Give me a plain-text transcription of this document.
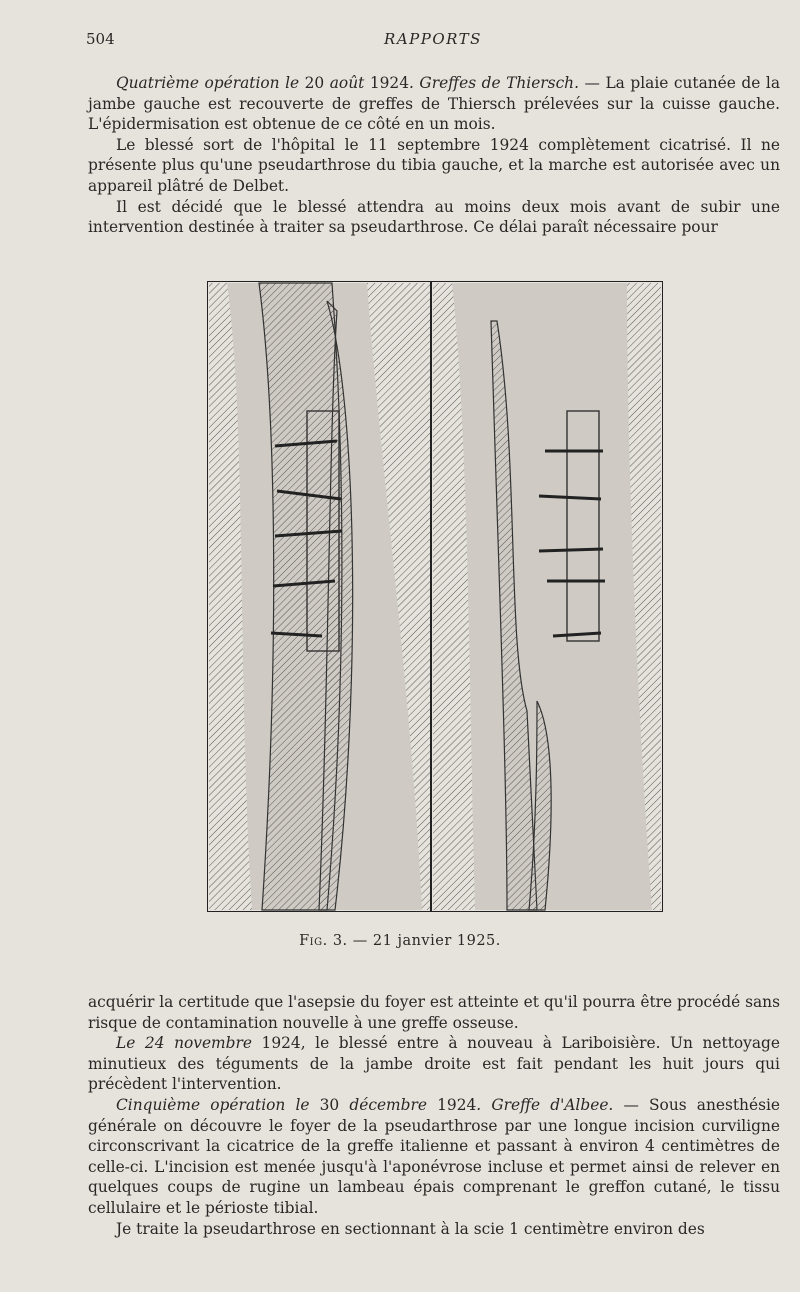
504	RAPPORTS

Quatrième opération le 20 août 1924. Greffes de Thiersch. — La plaie cutanée de la jambe gauche est recouverte de greffes de Thiersch prélevées sur la cuisse gauche. L'épidermisation est obtenue de ce côté en un mois.

Le blessé sort de l'hôpital le 11 septembre 1924 complètement cicatrisé. Il ne présente plus qu'une pseudarthrose du tibia gauche, et la marche est autorisée avec un appareil plâtré de Delbet.

Il est décidé que le blessé attendra au moins deux mois avant de subir une intervention destinée à traiter sa pseudarthrose. Ce délai paraît nécessaire pour

Fig. 3. — 21 janvier 1925.

acquérir la certitude que l'asepsie du foyer est atteinte et qu'il pourra être procédé sans risque de contamination nouvelle à une greffe osseuse.

Le 24 novembre 1924, le blessé entre à nouveau à Lariboisière. Un nettoyage minutieux des téguments de la jambe droite est fait pendant les huit jours qui précèdent l'intervention.

Cinquième opération le 30 décembre 1924. Greffe d'Albee. — Sous anesthésie générale on découvre le foyer de la pseudarthrose par une longue incision curviligne circonscrivant la cicatrice de la greffe italienne et passant à environ 4 centimètres de celle-ci. L'incision est menée jusqu'à l'aponévrose incluse et permet ainsi de relever en quelques coups de rugine un lambeau épais comprenant le greffon cutané, le tissu cellulaire et le périoste tibial.

Je traite la pseudarthrose en sectionnant à la scie 1 centimètre environ des
